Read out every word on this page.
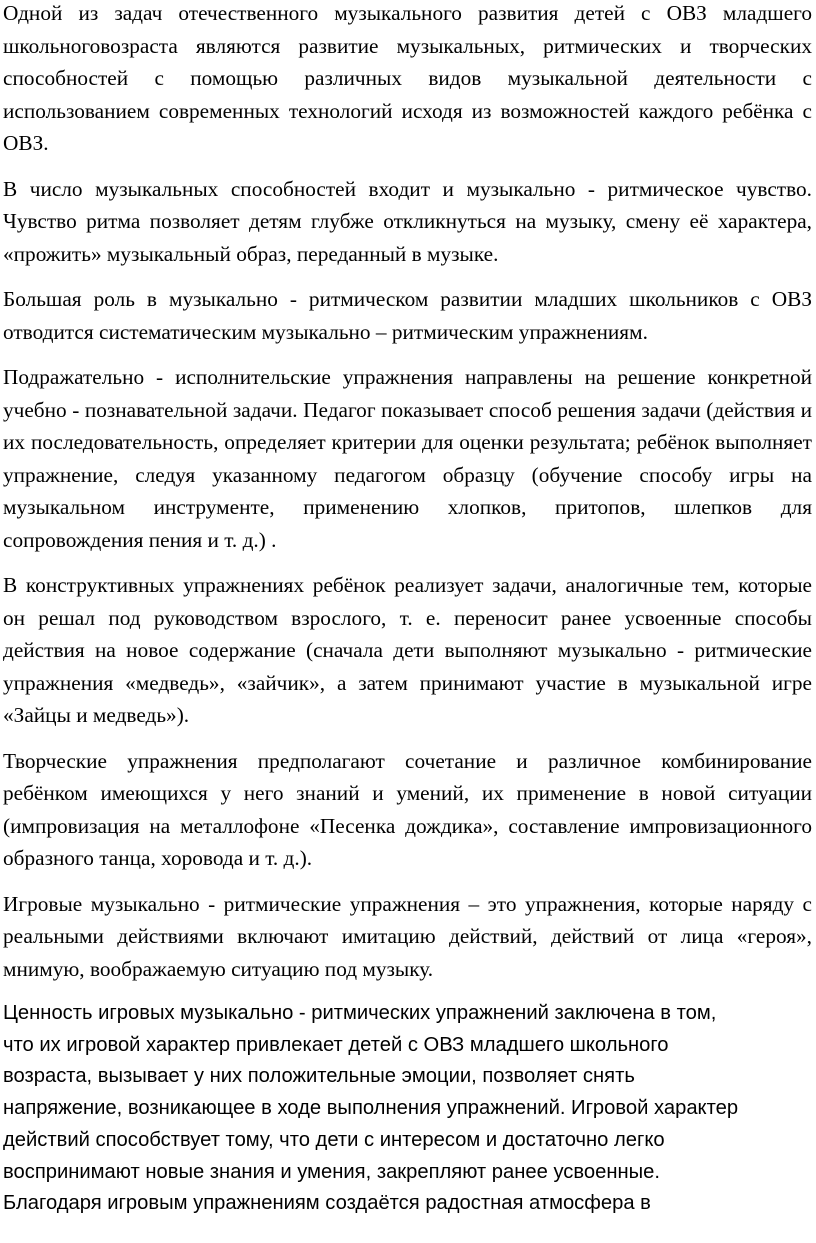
Одной из задач отечественного музыкального развития детей с ОВЗ младшего школьноговозраста являются развитие музыкальных, ритмических и творческих способностей с помощью различных видов музыкальной деятельности с использованием современных технологий исходя из возможностей каждого ребёнка с ОВЗ.

В число музыкальных способностей входит и музыкально - ритмическое чувство. Чувство ритма позволяет детям глубже откликнуться на музыку, смену её характера, «прожить» музыкальный образ, переданный в музыке.

Большая роль в музыкально - ритмическом развитии младших школьников с ОВЗ отводится систематическим музыкально – ритмическим упражнениям.

Подражательно - исполнительские упражнения направлены на решение конкретной учебно - познавательной задачи. Педагог показывает способ решения задачи (действия и их последовательность, определяет критерии для оценки результата; ребёнок выполняет упражнение, следуя указанному педагогом образцу (обучение способу игры на музыкальном инструменте, применению хлопков, притопов, шлепков для сопровождения пения и т. д.) .

В конструктивных упражнениях ребёнок реализует задачи, аналогичные тем, которые он решал под руководством взрослого, т. е. переносит ранее усвоенные способы действия на новое содержание (сначала дети выполняют музыкально - ритмические упражнения «медведь», «зайчик», а затем принимают участие в музыкальной игре «Зайцы и медведь»).

Творческие упражнения предполагают сочетание и различное комбинирование ребёнком имеющихся у него знаний и умений, их применение в новой ситуации (импровизация на металлофоне «Песенка дождика», составление импровизационного образного танца, хоровода и т. д.).

Игровые музыкально - ритмические упражнения – это упражнения, которые наряду с реальными действиями включают имитацию действий, действий от лица «героя», мнимую, воображаемую ситуацию под музыку.

Ценность игровых музыкально - ритмических упражнений заключена в том,
что их игровой характер привлекает детей с ОВЗ младшего школьного
возраста, вызывает у них положительные эмоции, позволяет снять
напряжение, возникающее в ходе выполнения упражнений. Игровой характер
действий способствует тому, что дети с интересом и достаточно легко
воспринимают новые знания и умения, закрепляют ранее усвоенные.
Благодаря игровым упражнениям создаётся радостная атмосфера в
